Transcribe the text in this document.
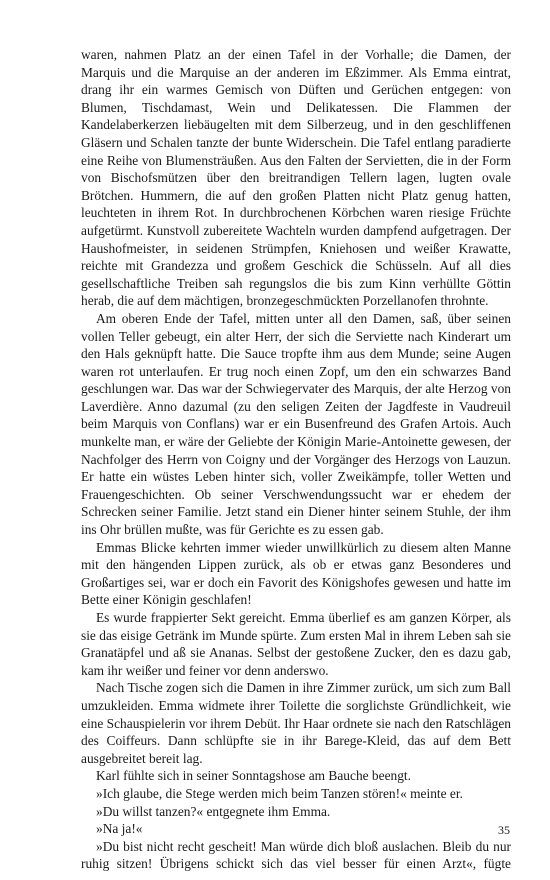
waren, nahmen Platz an der einen Tafel in der Vorhalle; die Damen, der Marquis und die Marquise an der anderen im Eßzimmer. Als Emma eintrat, drang ihr ein warmes Gemisch von Düften und Gerüchen entgegen: von Blumen, Tischdamast, Wein und Delikatessen. Die Flammen der Kandelaberkerzen liebäugelten mit dem Silberzeug, und in den geschliffenen Gläsern und Schalen tanzte der bunte Widerschein. Die Tafel entlang paradierte eine Reihe von Blumensträußen. Aus den Falten der Servietten, die in der Form von Bischofsmützen über den breitrandigen Tellern lagen, lugten ovale Brötchen. Hummern, die auf den großen Platten nicht Platz genug hatten, leuchteten in ihrem Rot. In durchbrochenen Körbchen waren riesige Früchte aufgetürmt. Kunstvoll zubereitete Wachteln wurden dampfend aufgetragen. Der Haushofmeister, in seidenen Strümpfen, Kniehosen und weißer Krawatte, reichte mit Grandezza und großem Geschick die Schüsseln. Auf all dies gesellschaftliche Treiben sah regungslos die bis zum Kinn verhüllte Göttin herab, die auf dem mächtigen, bronzegeschmückten Porzellanofen throhnte.

Am oberen Ende der Tafel, mitten unter all den Damen, saß, über seinen vollen Teller gebeugt, ein alter Herr, der sich die Serviette nach Kinderart um den Hals geknüpft hatte. Die Sauce tropfte ihm aus dem Munde; seine Augen waren rot unterlaufen. Er trug noch einen Zopf, um den ein schwarzes Band geschlungen war. Das war der Schwiegervater des Marquis, der alte Herzog von Laverdière. Anno dazumal (zu den seligen Zeiten der Jagdfeste in Vaudreuil beim Marquis von Conflans) war er ein Busenfreund des Grafen Artois. Auch munkelte man, er wäre der Geliebte der Königin Marie-Antoinette gewesen, der Nachfolger des Herrn von Coigny und der Vorgänger des Herzogs von Lauzun. Er hatte ein wüstes Leben hinter sich, voller Zweikämpfe, toller Wetten und Frauengeschichten. Ob seiner Verschwendungssucht war er ehedem der Schrecken seiner Familie. Jetzt stand ein Diener hinter seinem Stuhle, der ihm ins Ohr brüllen mußte, was für Gerichte es zu essen gab.

Emmas Blicke kehrten immer wieder unwillkürlich zu diesem alten Manne mit den hängenden Lippen zurück, als ob er etwas ganz Besonderes und Großartiges sei, war er doch ein Favorit des Königshofes gewesen und hatte im Bette einer Königin geschlafen!

Es wurde frappierter Sekt gereicht. Emma überlief es am ganzen Körper, als sie das eisige Getränk im Munde spürte. Zum ersten Mal in ihrem Leben sah sie Granatäpfel und aß sie Ananas. Selbst der gestoßene Zucker, den es dazu gab, kam ihr weißer und feiner vor denn anderswo.

Nach Tische zogen sich die Damen in ihre Zimmer zurück, um sich zum Ball umzukleiden. Emma widmete ihrer Toilette die sorglichste Gründlichkeit, wie eine Schauspielerin vor ihrem Debüt. Ihr Haar ordnete sie nach den Ratschlägen des Coiffeurs. Dann schlüpfte sie in ihr Barege-Kleid, das auf dem Bett ausgebreitet bereit lag.

Karl fühlte sich in seiner Sonntagshose am Bauche beengt.

»Ich glaube, die Stege werden mich beim Tanzen stören!« meinte er.

»Du willst tanzen?« entgegnete ihm Emma.

»Na ja!«

»Du bist nicht recht gescheit! Man würde dich bloß auslachen. Bleib du nur ruhig sitzen! Übrigens schickt sich das viel besser für einen Arzt«, fügte

35
